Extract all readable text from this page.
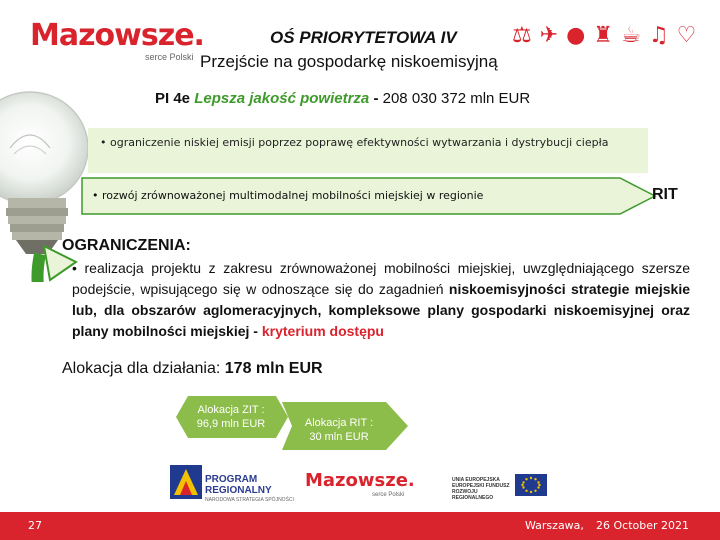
Mazowsze.
serce Polski
OŚ PRIORYTETOWA IV
Przejście na gospodarkę niskoemisyjną
⚖ ✈ ● ♜ ☕ ♫ ♡
PI 4e Lepsza jakość powietrza - 208 030 372 mln EUR
• ograniczenie niskiej emisji poprzez poprawę efektywności wytwarzania i dystrybucji ciepła
• rozwój zrównoważonej multimodalnej mobilności miejskiej w regionie	RIT
OGRANICZENIA:
• realizacja projektu z zakresu zrównoważonej mobilności miejskiej, uwzględniającego szersze podejście, wpisującego się w odnoszące się do zagadnień niskoemisyjności strategie miejskie lub, dla obszarów aglomeracyjnych, kompleksowe plany gospodarki niskoemisyjnej oraz plany mobilności miejskiej - kryterium dostępu
Alokacja dla działania: 178 mln EUR
Alokacja ZIT : 96,9 mln EUR	Alokacja RIT : 30 mln EUR
PROGRAM
REGIONALNY
NARODOWA STRATEGIA SPÓJNOŚCI
Mazowsze.
serce Polski
UNIA EUROPEJSKA EUROPEJSKI FUNDUSZ ROZWOJU REGIONALNEGO
27	Warszawa, 26 October 2021
